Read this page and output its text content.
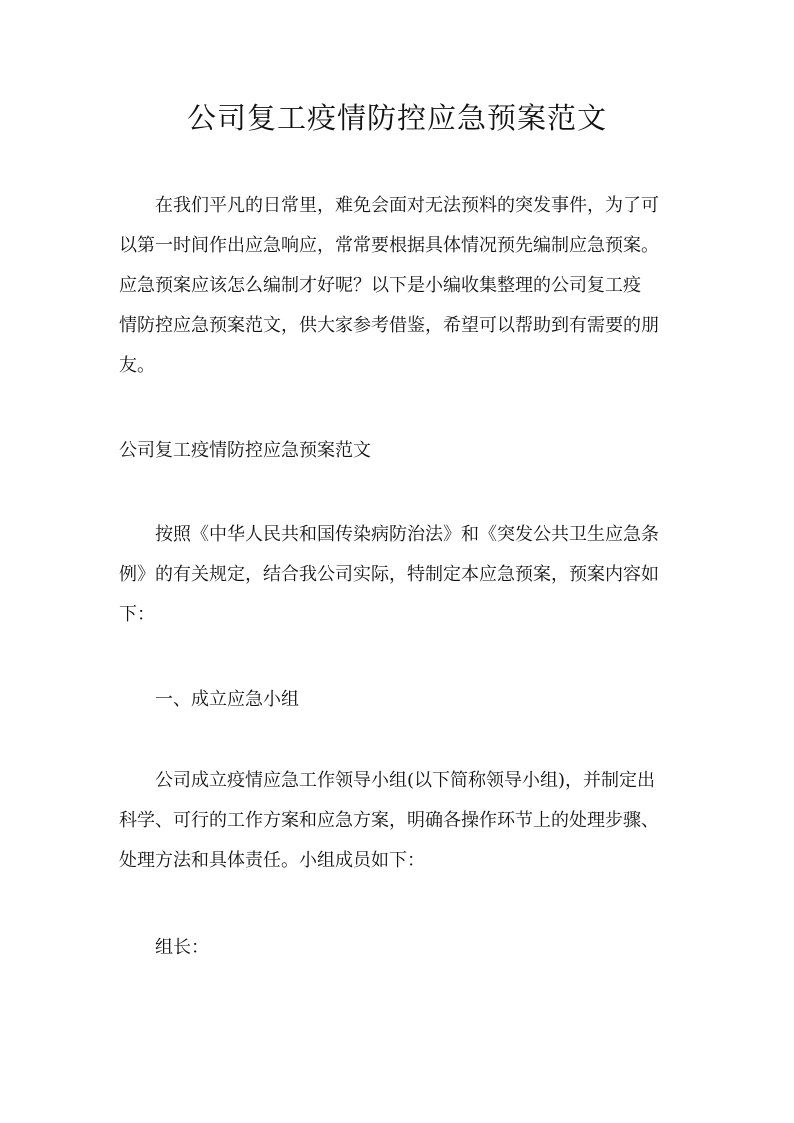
公司复工疫情防控应急预案范文

在我们平凡的日常里，难免会面对无法预料的突发事件，为了可
以第一时间作出应急响应，常常要根据具体情况预先编制应急预案。
应急预案应该怎么编制才好呢？以下是小编收集整理的公司复工疫
情防控应急预案范文，供大家参考借鉴，希望可以帮助到有需要的朋
友。

公司复工疫情防控应急预案范文

按照《中华人民共和国传染病防治法》和《突发公共卫生应急条
例》的有关规定，结合我公司实际，特制定本应急预案，预案内容如
下：

一、成立应急小组

公司成立疫情应急工作领导小组(以下简称领导小组)，并制定出
科学、可行的工作方案和应急方案，明确各操作环节上的处理步骤、
处理方法和具体责任。小组成员如下：

组长：
